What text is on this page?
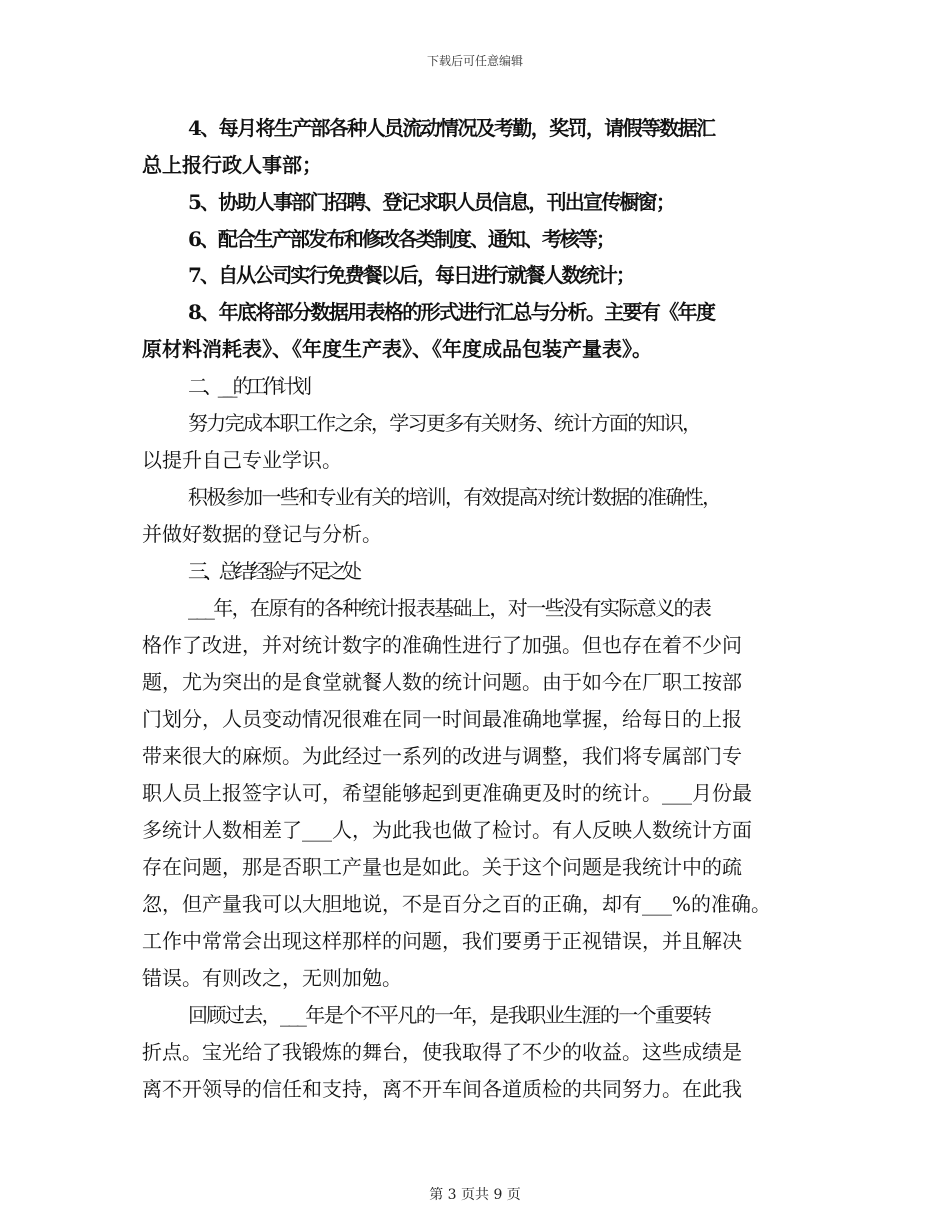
下载后可任意编辑
4、每月将生产部各种人员流动情况及考勤，奖罚，请假等数据汇
总上报行政人事部；
5、协助人事部门招聘、登记求职人员信息，刊出宣传橱窗；
6、配合生产部发布和修改各类制度、通知、考核等；
7、自从公司实行免费餐以后，每日进行就餐人数统计；
8、年底将部分数据用表格的形式进行汇总与分析。主要有《年度
原材料消耗表》、《年度生产表》、《年度成品包装产量表》。
二、___的工作计划
努力完成本职工作之余，学习更多有关财务、统计方面的知识，
以提升自己专业学识。
积极参加一些和专业有关的培训，有效提高对统计数据的准确性，
并做好数据的登记与分析。
三、总结经验与不足之处
___年，在原有的各种统计报表基础上，对一些没有实际意义的表
格作了改进，并对统计数字的准确性进行了加强。但也存在着不少问
题，尤为突出的是食堂就餐人数的统计问题。由于如今在厂职工按部
门划分，人员变动情况很难在同一时间最准确地掌握，给每日的上报
带来很大的麻烦。为此经过一系列的改进与调整，我们将专属部门专
职人员上报签字认可，希望能够起到更准确更及时的统计。___月份最
多统计人数相差了___人，为此我也做了检讨。有人反映人数统计方面
存在问题，那是否职工产量也是如此。关于这个问题是我统计中的疏
忽，但产量我可以大胆地说，不是百分之百的正确，却有___%的准确。
工作中常常会出现这样那样的问题，我们要勇于正视错误，并且解决
错误。有则改之，无则加勉。
回顾过去，___年是个不平凡的一年，是我职业生涯的一个重要转
折点。宝光给了我锻炼的舞台，使我取得了不少的收益。这些成绩是
离不开领导的信任和支持，离不开车间各道质检的共同努力。在此我
第 3 页共 9 页
